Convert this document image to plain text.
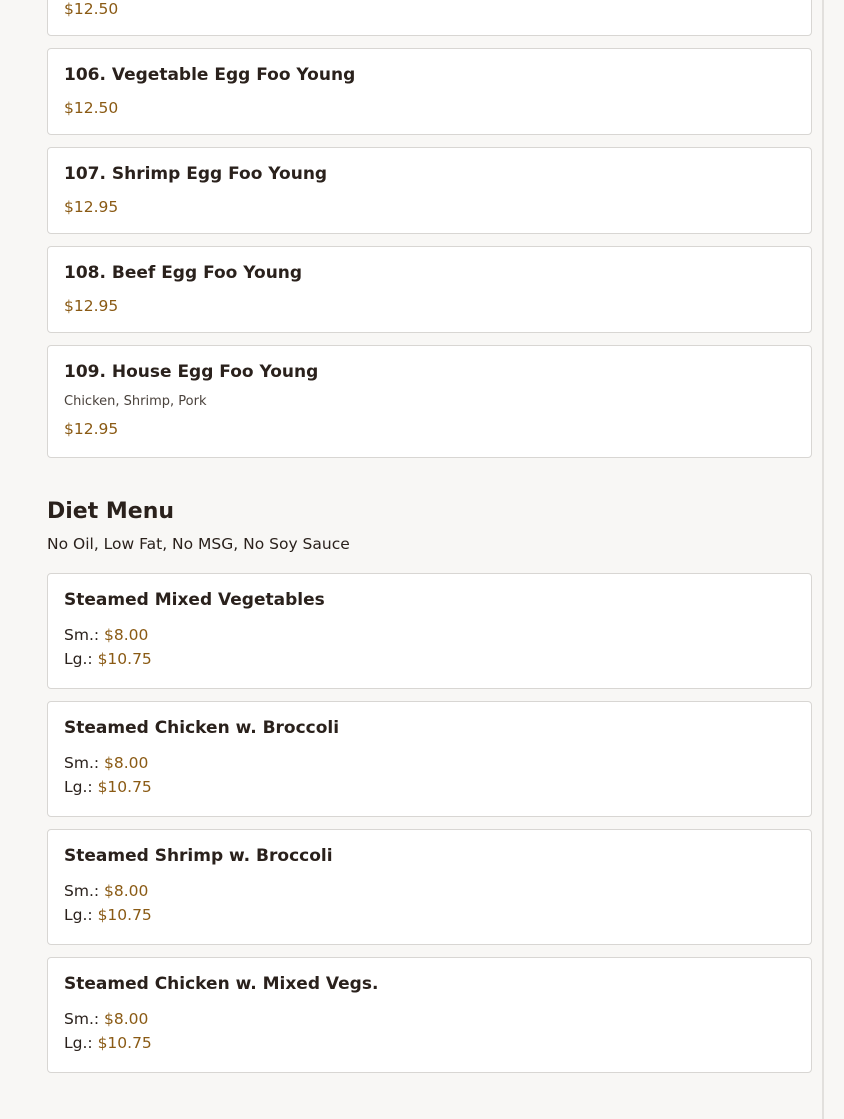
$12.50
106. Vegetable Egg Foo Young
$12.50
107. Shrimp Egg Foo Young
$12.95
108. Beef Egg Foo Young
$12.95
109. House Egg Foo Young
Chicken, Shrimp, Pork
$12.95
Diet Menu
No Oil, Low Fat, No MSG, No Soy Sauce
Steamed Mixed Vegetables
Sm.: $8.00
Lg.: $10.75
Steamed Chicken w. Broccoli
Sm.: $8.00
Lg.: $10.75
Steamed Shrimp w. Broccoli
Sm.: $8.00
Lg.: $10.75
Steamed Chicken w. Mixed Vegs.
Sm.: $8.00
Lg.: $10.75
